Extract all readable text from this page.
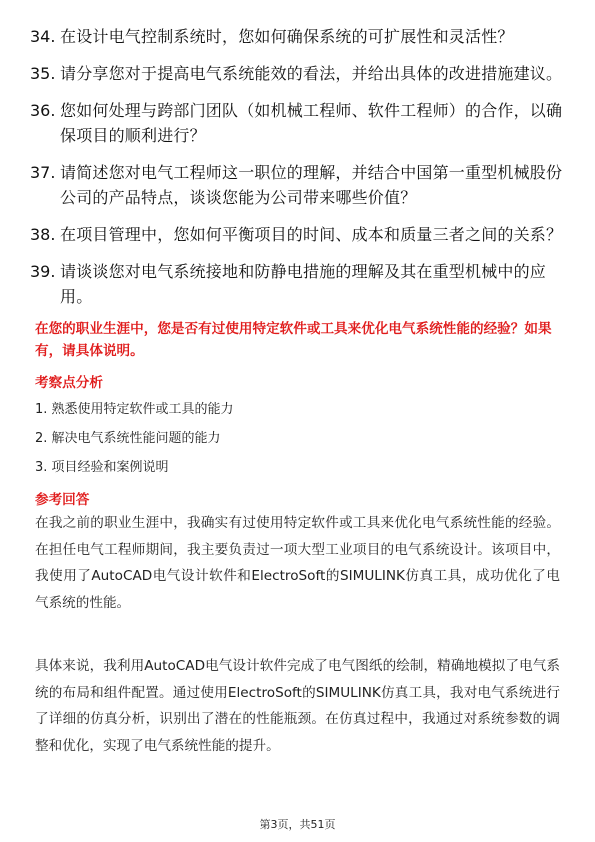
34. 在设计电气控制系统时，您如何确保系统的可扩展性和灵活性？
35. 请分享您对于提高电气系统能效的看法，并给出具体的改进措施建议。
36. 您如何处理与跨部门团队（如机械工程师、软件工程师）的合作，以确保项目的顺利进行？
37. 请简述您对电气工程师这一职位的理解，并结合中国第一重型机械股份公司的产品特点，谈谈您能为公司带来哪些价值？
38. 在项目管理中，您如何平衡项目的时间、成本和质量三者之间的关系？
39. 请谈谈您对电气系统接地和防静电措施的理解及其在重型机械中的应用。
在您的职业生涯中，您是否有过使用特定软件或工具来优化电气系统性能的经验？如果有，请具体说明。
考察点分析
1. 熟悉使用特定软件或工具的能力
2. 解决电气系统性能问题的能力
3. 项目经验和案例说明
参考回答
在我之前的职业生涯中，我确实有过使用特定软件或工具来优化电气系统性能的经验。在担任电气工程师期间，我主要负责过一项大型工业项目的电气系统设计。该项目中，我使用了AutoCAD电气设计软件和ElectroSoft的SIMULINK仿真工具，成功优化了电气系统的性能。
具体来说，我利用AutoCAD电气设计软件完成了电气图纸的绘制，精确地模拟了电气系统的布局和组件配置。通过使用ElectroSoft的SIMULINK仿真工具，我对电气系统进行了详细的仿真分析，识别出了潜在的性能瓶颈。在仿真过程中，我通过对系统参数的调整和优化，实现了电气系统性能的提升。
第3页，共51页
